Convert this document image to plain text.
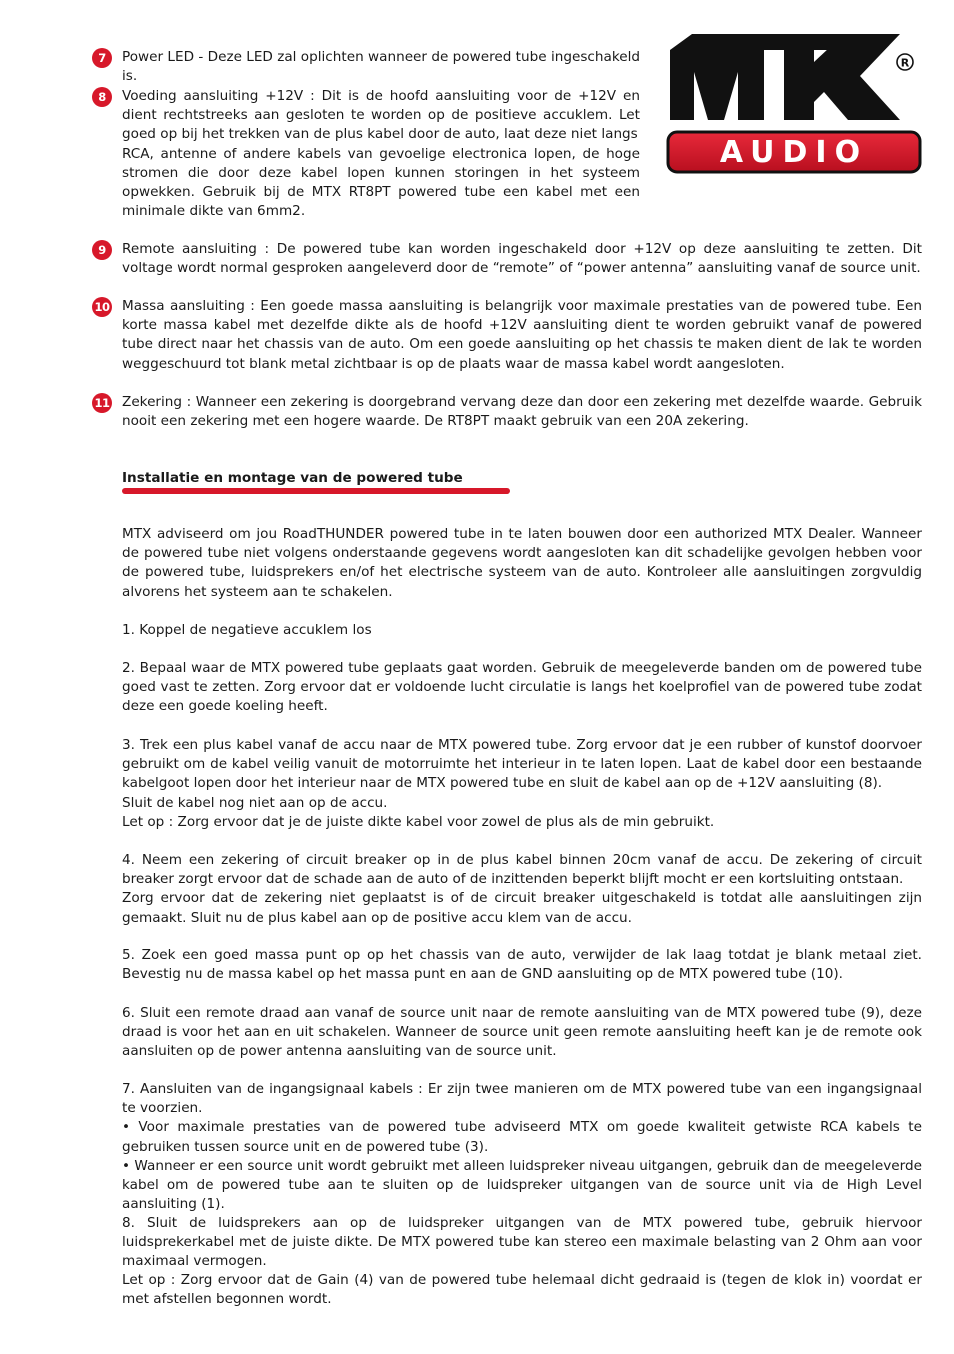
AUDIO
R
7	Power LED - Deze LED zal oplichten wanneer de powered tube ingeschakeld is.
8	Voeding aansluiting +12V : Dit is de hoofd aansluiting voor de +12V en dient rechtstreeks aan gesloten te worden op de positieve accuklem. Let goed op bij het trekken van de plus kabel door de auto, laat deze niet langs
RCA, antenne of andere kabels van gevoelige electronica lopen, de hoge stromen die door deze kabel lopen kunnen storingen in het systeem opwekken. Gebruik bij de MTX RT8PT powered tube een kabel met een minimale dikte van 6mm2.
9	Remote aansluiting : De powered tube kan worden ingeschakeld door +12V op deze aansluiting te zetten. Dit voltage wordt normal gesproken aangeleverd door de “remote” of “power antenna” aansluiting vanaf de source unit.
10 Massa aansluiting : Een goede massa aansluiting is belangrijk voor maximale prestaties van de powered tube. Een korte massa kabel met dezelfde dikte als de hoofd +12V aansluiting dient te worden gebruikt vanaf de powered tube direct naar het chassis van de auto. Om een goede aansluiting op het chassis te maken dient de lak te worden weggeschuurd tot blank metal zichtbaar is op de plaats waar de massa kabel wordt aangesloten.
11 Zekering : Wanneer een zekering is doorgebrand vervang deze dan door een zekering met dezelfde waarde. Gebruik nooit een zekering met een hogere waarde. De RT8PT maakt gebruik van een 20A zekering.
Installatie en montage van de powered tube
MTX adviseerd om jou RoadTHUNDER powered tube in te laten bouwen door een authorized MTX Dealer. Wanneer de powered tube niet volgens onderstaande gegevens wordt aangesloten kan dit schadelijke gevolgen hebben voor de powered tube, luidsprekers en/of het electrische systeem van de auto. Kontroleer alle aansluitingen zorgvuldig alvorens het systeem aan te schakelen.
1. Koppel de negatieve accuklem los
2. Bepaal waar de MTX powered tube geplaats gaat worden. Gebruik de meegeleverde banden om de powered tube goed vast te zetten. Zorg ervoor dat er voldoende lucht circulatie is langs het koelprofiel van de powered tube zodat deze een goede koeling heeft.
3. Trek een plus kabel vanaf de accu naar de MTX powered tube. Zorg ervoor dat je een rubber of kunstof doorvoer gebruikt om de kabel veilig vanuit de motorruimte het interieur in te laten lopen. Laat de kabel door een bestaande kabelgoot lopen door het interieur naar de MTX powered tube en sluit de kabel aan op de +12V aansluiting (8).
Sluit de kabel nog niet aan op de accu.
Let op : Zorg ervoor dat je de juiste dikte kabel voor zowel de plus als de min gebruikt.
4. Neem een zekering of circuit breaker op in de plus kabel binnen 20cm vanaf de accu. De zekering of circuit breaker zorgt ervoor dat de schade aan de auto of de inzittenden beperkt blijft mocht er een kortsluiting ontstaan.
Zorg ervoor dat de zekering niet geplaatst is of de circuit breaker uitgeschakeld is totdat alle aansluitingen zijn gemaakt. Sluit nu de plus kabel aan op de positive accu klem van de accu.
5. Zoek een goed massa punt op op het chassis van de auto, verwijder de lak laag totdat je blank metaal ziet. Bevestig nu de massa kabel op het massa punt en aan de GND aansluiting op de MTX powered tube (10).
6. Sluit een remote draad aan vanaf de source unit naar de remote aansluiting van de MTX powered tube (9), deze draad is voor het aan en uit schakelen. Wanneer de source unit geen remote aansluiting heeft kan je de remote ook aansluiten op de power antenna aansluiting van de source unit.
7. Aansluiten van de ingangsignaal kabels : Er zijn twee manieren om de MTX powered tube van een ingangsignaal te voorzien.
• Voor maximale prestaties van de powered tube adviseerd MTX om goede kwaliteit getwiste RCA kabels te gebruiken tussen source unit en de powered tube (3).
• Wanneer er een source unit wordt gebruikt met alleen luidspreker niveau uitgangen, gebruik dan de meegeleverde kabel om de powered tube aan te sluiten op de luidspreker uitgangen van de source unit via de High Level aansluiting (1).
8. Sluit de luidsprekers aan op de luidspreker uitgangen van de MTX powered tube, gebruik hiervoor luidsprekerkabel met de juiste dikte. De MTX powered tube kan stereo een maximale belasting van 2 Ohm aan voor maximaal vermogen.
Let op : Zorg ervoor dat de Gain (4) van de powered tube helemaal dicht gedraaid is (tegen de klok in) voordat er met afstellen begonnen wordt.
